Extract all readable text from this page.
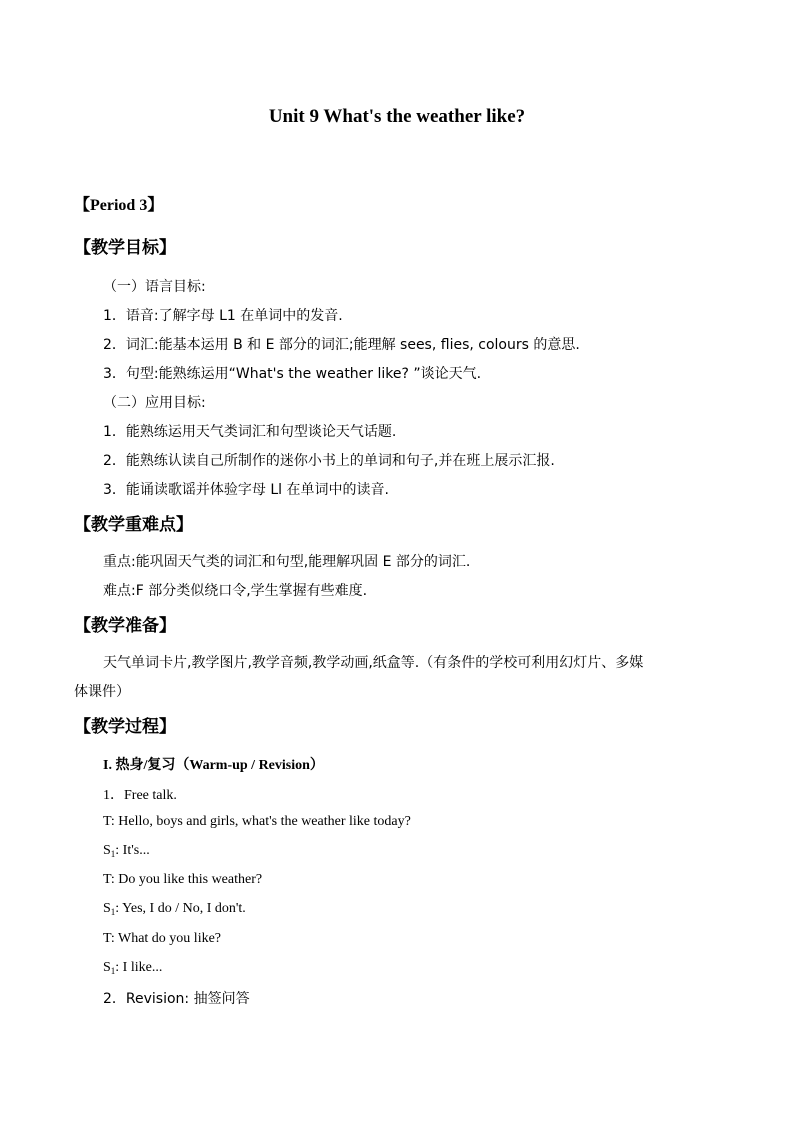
Unit 9 What's the weather like?
【Period 3】
【教学目标】
（一）语言目标:
1．语音:了解字母 L1 在单词中的发音.
2．词汇:能基本运用 B 和 E 部分的词汇;能理解 sees, flies, colours 的意思.
3．句型:能熟练运用“What's the weather like? ”谈论天气.
（二）应用目标:
1．能熟练运用天气类词汇和句型谈论天气话题.
2．能熟练认读自己所制作的迷你小书上的单词和句子,并在班上展示汇报.
3．能诵读歌谣并体验字母 Ll 在单词中的读音.
【教学重难点】
重点:能巩固天气类的词汇和句型,能理解巩固 E 部分的词汇.
难点:F 部分类似绕口令,学生掌握有些难度.
【教学准备】
天气单词卡片,教学图片,教学音频,教学动画,纸盒等.（有条件的学校可利用幻灯片、多媒
体课件）
【教学过程】
I. 热身/复习（Warm-up / Revision）
1．Free talk.
T: Hello, boys and girls, what's the weather like today?
$S_1$: It's...
T: Do you like this weather?
$S_1$: Yes, I do / No, I don't.
T: What do you like?
$S_1$: I like...
2．Revision: 抽签问答
